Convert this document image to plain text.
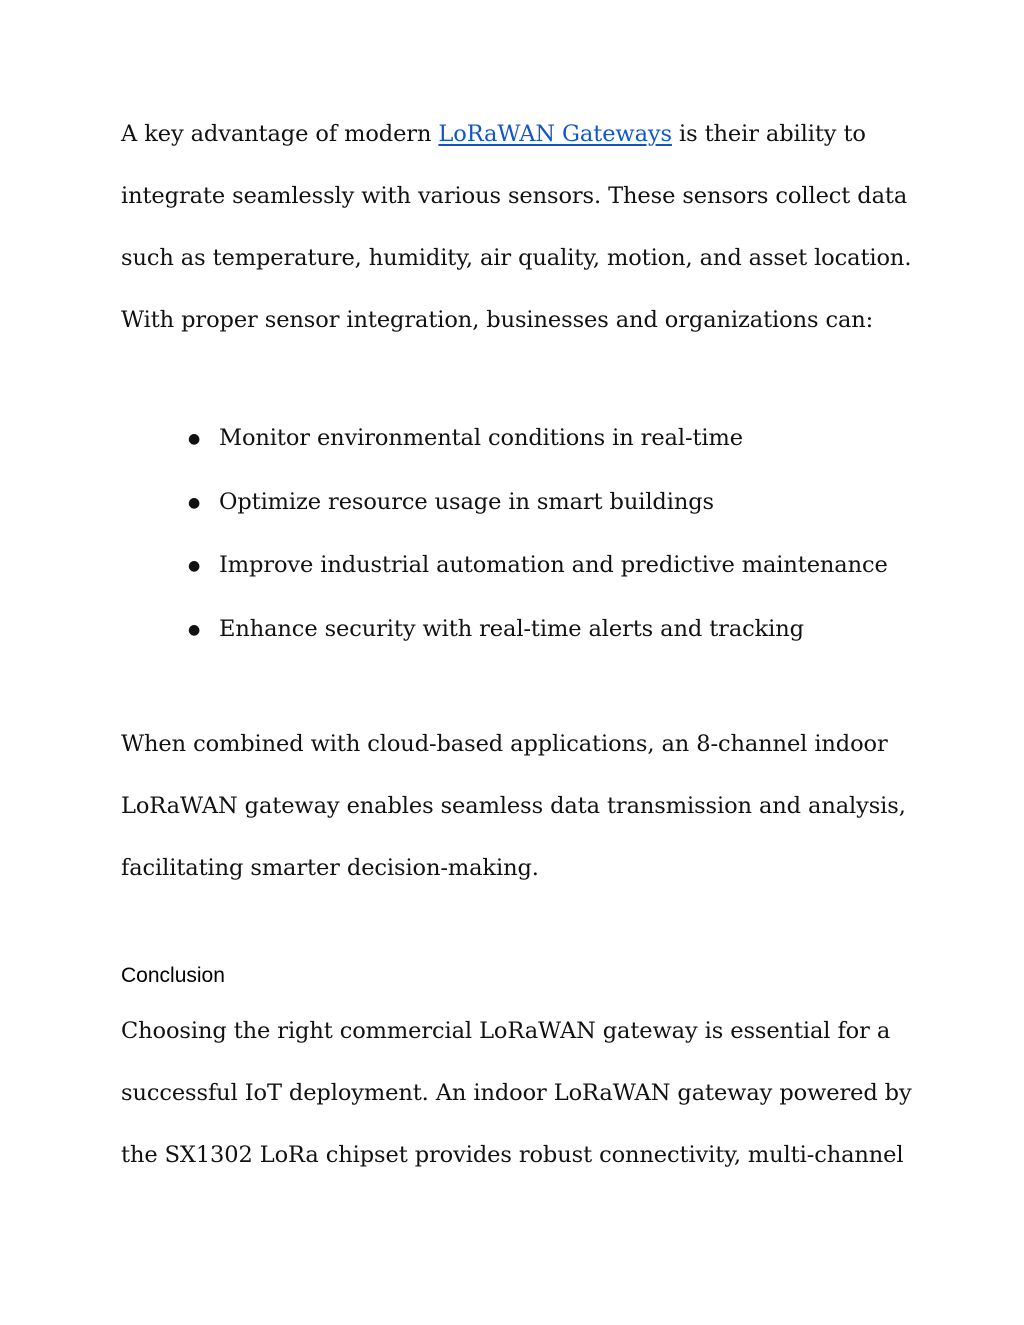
A key advantage of modern LoRaWAN Gateways is their ability to
integrate seamlessly with various sensors. These sensors collect data
such as temperature, humidity, air quality, motion, and asset location.
With proper sensor integration, businesses and organizations can:

● Monitor environmental conditions in real-time
● Optimize resource usage in smart buildings
● Improve industrial automation and predictive maintenance
● Enhance security with real-time alerts and tracking

When combined with cloud-based applications, an 8-channel indoor
LoRaWAN gateway enables seamless data transmission and analysis,
facilitating smarter decision-making.

Conclusion

Choosing the right commercial LoRaWAN gateway is essential for a
successful IoT deployment. An indoor LoRaWAN gateway powered by
the SX1302 LoRa chipset provides robust connectivity, multi-channel
